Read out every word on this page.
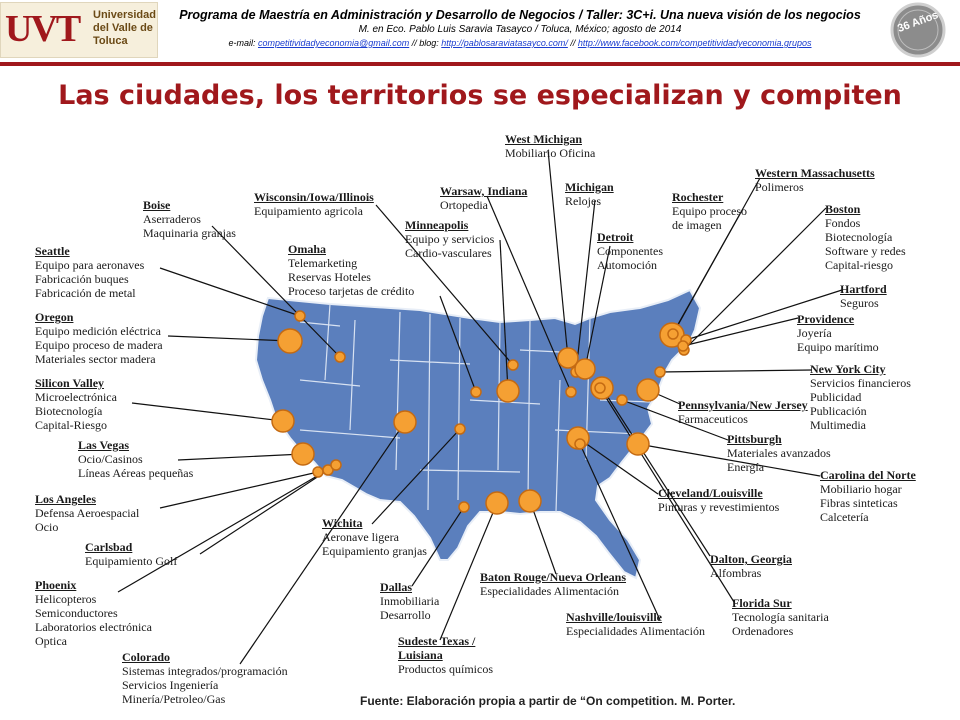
UVT Universidad del Valle de Toluca
Programa de Maestría en Administración y Desarrollo de Negocios / Taller: 3C+i. Una nueva visión de los negocios
M. en Eco. Pablo Luis Saravia Tasayco / Toluca, México; agosto de 2014
e-mail: competitividadyeconomia@gmail.com // blog: http://pablosaraviatasayco.com/ // http://www.facebook.com/competitividadyeconomia.grupos
36 Años
Las ciudades, los territorios se especializan y compiten
Seattle
Equipo para aeronaves
Fabricación buques
Fabricación de metal
Oregon
Equipo medición eléctrica
Equipo proceso de madera
Materiales sector madera
Silicon Valley
Microelectrónica
Biotecnología
Capital-Riesgo
Las Vegas
Ocio/Casinos
Líneas Aéreas pequeñas
Los Angeles
Defensa Aeroespacial
Ocio
Carlsbad
Equipamiento Golf
Phoenix
Helicopteros
Semiconductores
Laboratorios electrónica
Optica
Colorado
Sistemas integrados/programación
Servicios Ingeniería
Minería/Petroleo/Gas
Boise
Aserraderos
Maquinaria granjas
Wisconsin/Iowa/Illinois
Equipamiento agricola
Omaha
Telemarketing
Reservas Hoteles
Proceso tarjetas de crédito
Minneapolis
Equipo y servicios
Cardio-vasculares
Warsaw, Indiana
Ortopedia
West Michigan
Mobiliario Oficina
Michigan
Relojes
Detroit
Componentes
Automoción
Rochester
Equipo proceso
de imagen
Western Massachusetts
Polimeros
Boston
Fondos
Biotecnología
Software y redes
Capital-riesgo
Hartford
Seguros
Providence
Joyería
Equipo marítimo
New York City
Servicios financieros
Publicidad
Publicación
Multimedia
Pennsylvania/New Jersey
Farmaceuticos
Pittsburgh
Materiales avanzados
Energía
Carolina del Norte
Mobiliario hogar
Fibras sinteticas
Calcetería
Cleveland/Louisville
Pinturas y revestimientos
Dalton, Georgia
Alfombras
Florida Sur
Tecnología sanitaria
Ordenadores
Nashville/louisville
Especialidades Alimentación
Baton Rouge/Nueva Orleans
Especialidades Alimentación
Wichita
Aeronave ligera
Equipamiento granjas
Dallas
Inmobiliaria
Desarrollo
Sudeste Texas / Luisiana
Productos químicos
Fuente: Elaboración propia a partir de “On competition. M. Porter.
